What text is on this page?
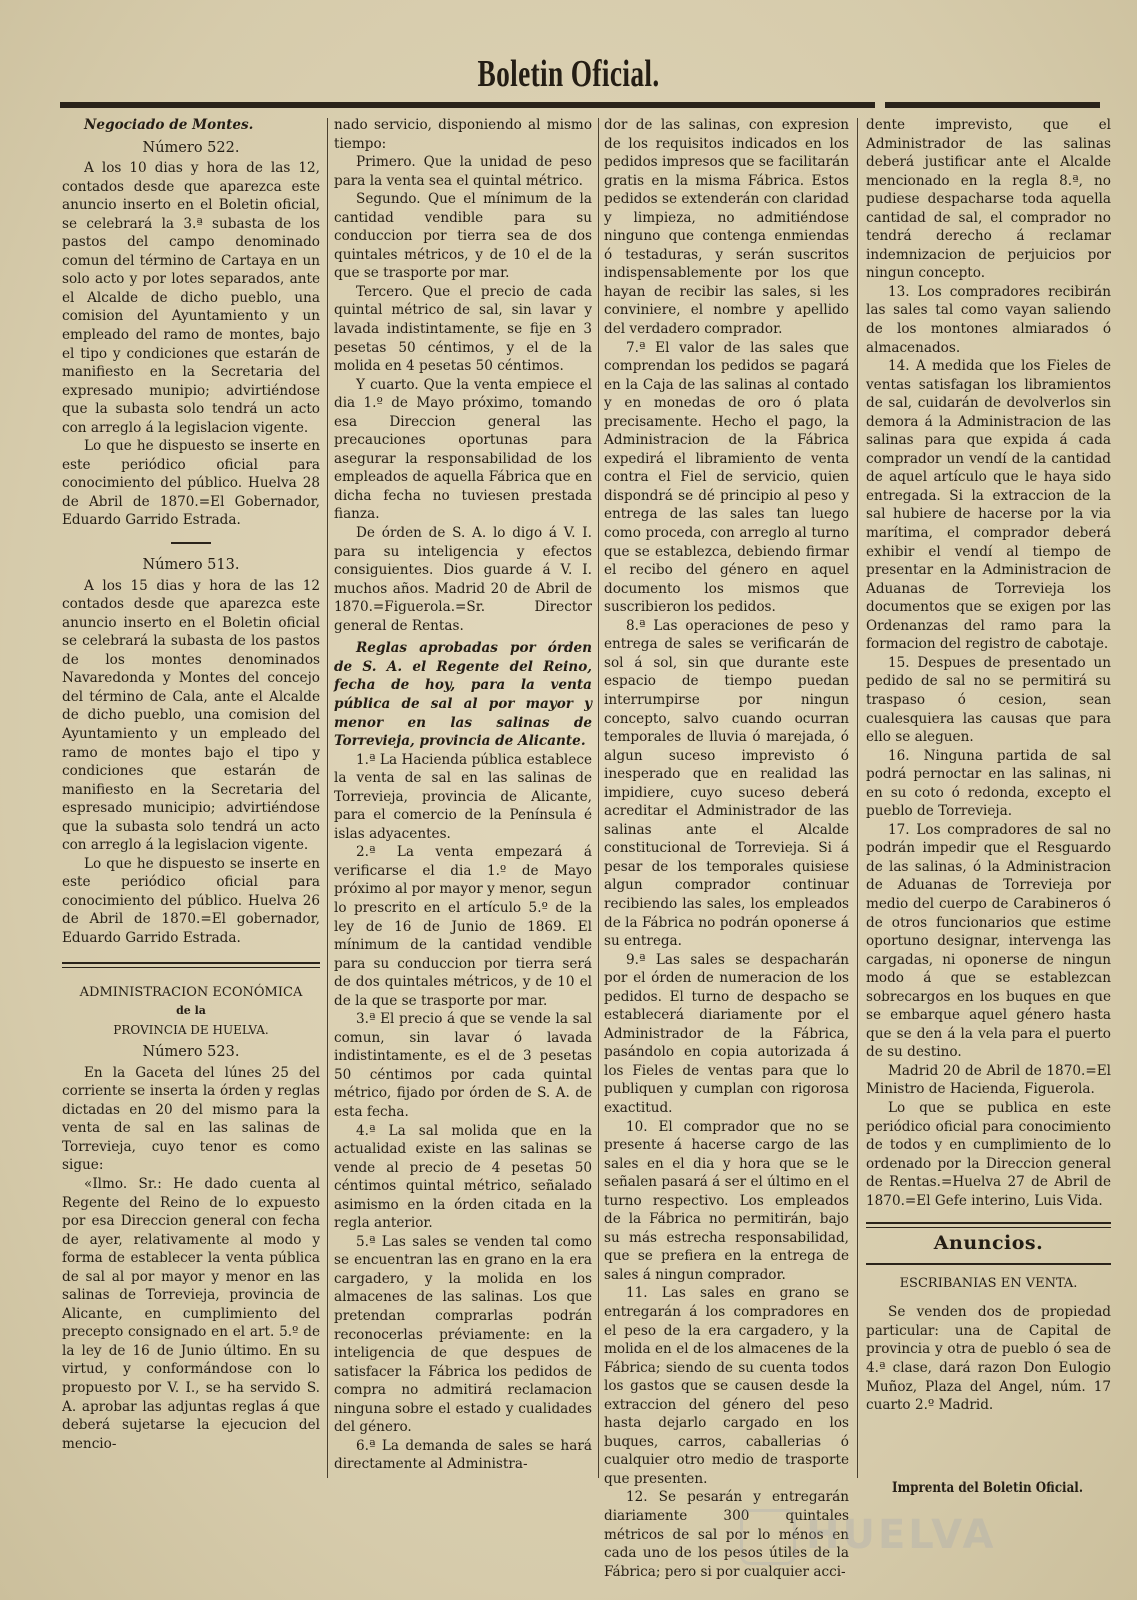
Boletin Oficial.

Negociado de Montes.

Número 522.

A los 10 dias y hora de las 12, contados desde que aparezca este anuncio inserto en el Boletin oficial, se celebrará la 3.ª subasta de los pastos del campo denominado comun del término de Cartaya en un solo acto y por lotes separados, ante el Alcalde de dicho pueblo, una comision del Ayuntamiento y un empleado del ramo de montes, bajo el tipo y condiciones que estarán de manifiesto en la Secretaria del expresado munipio; advirtiéndose que la subasta solo tendrá un acto con arreglo á la legislacion vigente.

Lo que he dispuesto se inserte en este periódico oficial para conocimiento del público. Huelva 28 de Abril de 1870.=El Gobernador, Eduardo Garrido Estrada.

Número 513.

A los 15 dias y hora de las 12 contados desde que aparezca este anuncio inserto en el Boletin oficial se celebrará la subasta de los pastos de los montes denominados Navaredonda y Montes del concejo del término de Cala, ante el Alcalde de dicho pueblo, una comision del Ayuntamiento y un empleado del ramo de montes bajo el tipo y condiciones que estarán de manifiesto en la Secretaria del espresado municipio; advirtiéndose que la subasta solo tendrá un acto con arreglo á la legislacion vigente.

Lo que he dispuesto se inserte en este periódico oficial para conocimiento del público. Huelva 26 de Abril de 1870.=El gobernador, Eduardo Garrido Estrada.

ADMINISTRACION ECONÓMICA

de la

PROVINCIA DE HUELVA.

Número 523.

En la Gaceta del lúnes 25 del corriente se inserta la órden y reglas dictadas en 20 del mismo para la venta de sal en las salinas de Torrevieja, cuyo tenor es como sigue:

«Ilmo. Sr.: He dado cuenta al Regente del Reino de lo expuesto por esa Direccion general con fecha de ayer, relativamente al modo y forma de establecer la venta pública de sal al por mayor y menor en las salinas de Torrevieja, provincia de Alicante, en cumplimiento del precepto consignado en el art. 5.º de la ley de 16 de Junio último. En su virtud, y conformándose con lo propuesto por V. I., se ha servido S. A. aprobar las adjuntas reglas á que deberá sujetarse la ejecucion del mencio-

nado servicio, disponiendo al mismo tiempo:

Primero. Que la unidad de peso para la venta sea el quintal métrico.

Segundo. Que el mínimum de la cantidad vendible para su conduccion por tierra sea de dos quintales métricos, y de 10 el de la que se trasporte por mar.

Tercero. Que el precio de cada quintal métrico de sal, sin lavar y lavada indistintamente, se fije en 3 pesetas 50 céntimos, y el de la molida en 4 pesetas 50 céntimos.

Y cuarto. Que la venta empiece el dia 1.º de Mayo próximo, tomando esa Direccion general las precauciones oportunas para asegurar la responsabilidad de los empleados de aquella Fábrica que en dicha fecha no tuviesen prestada fianza.

De órden de S. A. lo digo á V. I. para su inteligencia y efectos consiguientes. Dios guarde á V. I. muchos años. Madrid 20 de Abril de 1870.=Figuerola.=Sr. Director general de Rentas.

Reglas aprobadas por órden de S. A. el Regente del Reino, fecha de hoy, para la venta pública de sal al por mayor y menor en las salinas de Torrevieja, provincia de Alicante.

1.ª La Hacienda pública establece la venta de sal en las salinas de Torrevieja, provincia de Alicante, para el comercio de la Península é islas adyacentes.

2.ª La venta empezará á verificarse el dia 1.º de Mayo próximo al por mayor y menor, segun lo prescrito en el artículo 5.º de la ley de 16 de Junio de 1869. El mínimum de la cantidad vendible para su conduccion por tierra será de dos quintales métricos, y de 10 el de la que se trasporte por mar.

3.ª El precio á que se vende la sal comun, sin lavar ó lavada indistintamente, es el de 3 pesetas 50 céntimos por cada quintal métrico, fijado por órden de S. A. de esta fecha.

4.ª La sal molida que en la actualidad existe en las salinas se vende al precio de 4 pesetas 50 céntimos quintal métrico, señalado asimismo en la órden citada en la regla anterior.

5.ª Las sales se venden tal como se encuentran las en grano en la era cargadero, y la molida en los almacenes de las salinas. Los que pretendan comprarlas podrán reconocerlas préviamente: en la inteligencia de que despues de satisfacer la Fábrica los pedidos de compra no admitirá reclamacion ninguna sobre el estado y cualidades del género.

6.ª La demanda de sales se hará directamente al Administra-

dor de las salinas, con expresion de los requisitos indicados en los pedidos impresos que se facilitarán gratis en la misma Fábrica. Estos pedidos se extenderán con claridad y limpieza, no admitiéndose ninguno que contenga enmiendas ó testaduras, y serán suscritos indispensablemente por los que hayan de recibir las sales, si les conviniere, el nombre y apellido del verdadero comprador.

7.ª El valor de las sales que comprendan los pedidos se pagará en la Caja de las salinas al contado y en monedas de oro ó plata precisamente. Hecho el pago, la Administracion de la Fábrica expedirá el libramiento de venta contra el Fiel de servicio, quien dispondrá se dé principio al peso y entrega de las sales tan luego como proceda, con arreglo al turno que se establezca, debiendo firmar el recibo del género en aquel documento los mismos que suscribieron los pedidos.

8.ª Las operaciones de peso y entrega de sales se verificarán de sol á sol, sin que durante este espacio de tiempo puedan interrumpirse por ningun concepto, salvo cuando ocurran temporales de lluvia ó marejada, ó algun suceso imprevisto ó inesperado que en realidad las impidiere, cuyo suceso deberá acreditar el Administrador de las salinas ante el Alcalde constitucional de Torrevieja. Si á pesar de los temporales quisiese algun comprador continuar recibiendo las sales, los empleados de la Fábrica no podrán oponerse á su entrega.

9.ª Las sales se despacharán por el órden de numeracion de los pedidos. El turno de despacho se establecerá diariamente por el Administrador de la Fábrica, pasándolo en copia autorizada á los Fieles de ventas para que lo publiquen y cumplan con rigorosa exactitud.

10. El comprador que no se presente á hacerse cargo de las sales en el dia y hora que se le señalen pasará á ser el último en el turno respectivo. Los empleados de la Fábrica no permitirán, bajo su más estrecha responsabilidad, que se prefiera en la entrega de sales á ningun comprador.

11. Las sales en grano se entregarán á los compradores en el peso de la era cargadero, y la molida en el de los almacenes de la Fábrica; siendo de su cuenta todos los gastos que se causen desde la extraccion del género del peso hasta dejarlo cargado en los buques, carros, caballerias ó cualquier otro medio de trasporte que presenten.

12. Se pesarán y entregarán diariamente 300 quintales métricos de sal por lo ménos en cada uno de los pesos útiles de la Fábrica; pero si por cualquier acci-

dente imprevisto, que el Administrador de las salinas deberá justificar ante el Alcalde mencionado en la regla 8.ª, no pudiese despacharse toda aquella cantidad de sal, el comprador no tendrá derecho á reclamar indemnizacion de perjuicios por ningun concepto.

13. Los compradores recibirán las sales tal como vayan saliendo de los montones almiarados ó almacenados.

14. A medida que los Fieles de ventas satisfagan los libramientos de sal, cuidarán de devolverlos sin demora á la Administracion de las salinas para que expida á cada comprador un vendí de la cantidad de aquel artículo que le haya sido entregada. Si la extraccion de la sal hubiere de hacerse por la via marítima, el comprador deberá exhibir el vendí al tiempo de presentar en la Administracion de Aduanas de Torrevieja los documentos que se exigen por las Ordenanzas del ramo para la formacion del registro de cabotaje.

15. Despues de presentado un pedido de sal no se permitirá su traspaso ó cesion, sean cualesquiera las causas que para ello se aleguen.

16. Ninguna partida de sal podrá pernoctar en las salinas, ni en su coto ó redonda, excepto el pueblo de Torrevieja.

17. Los compradores de sal no podrán impedir que el Resguardo de las salinas, ó la Administracion de Aduanas de Torrevieja por medio del cuerpo de Carabineros ó de otros funcionarios que estime oportuno designar, intervenga las cargadas, ni oponerse de ningun modo á que se establezcan sobrecargos en los buques en que se embarque aquel género hasta que se den á la vela para el puerto de su destino.

Madrid 20 de Abril de 1870.=El Ministro de Hacienda, Figuerola.

Lo que se publica en este periódico oficial para conocimiento de todos y en cumplimiento de lo ordenado por la Direccion general de Rentas.=Huelva 27 de Abril de 1870.=El Gefe interino, Luis Vida.

Anuncios.

ESCRIBANIAS EN VENTA.

Se venden dos de propiedad particular: una de Capital de provincia y otra de pueblo ó sea de 4.ª clase, dará razon Don Eulogio Muñoz, Plaza del Angel, núm. 17 cuarto 2.º Madrid.

Imprenta del Boletin Oficial.
HUELVA
